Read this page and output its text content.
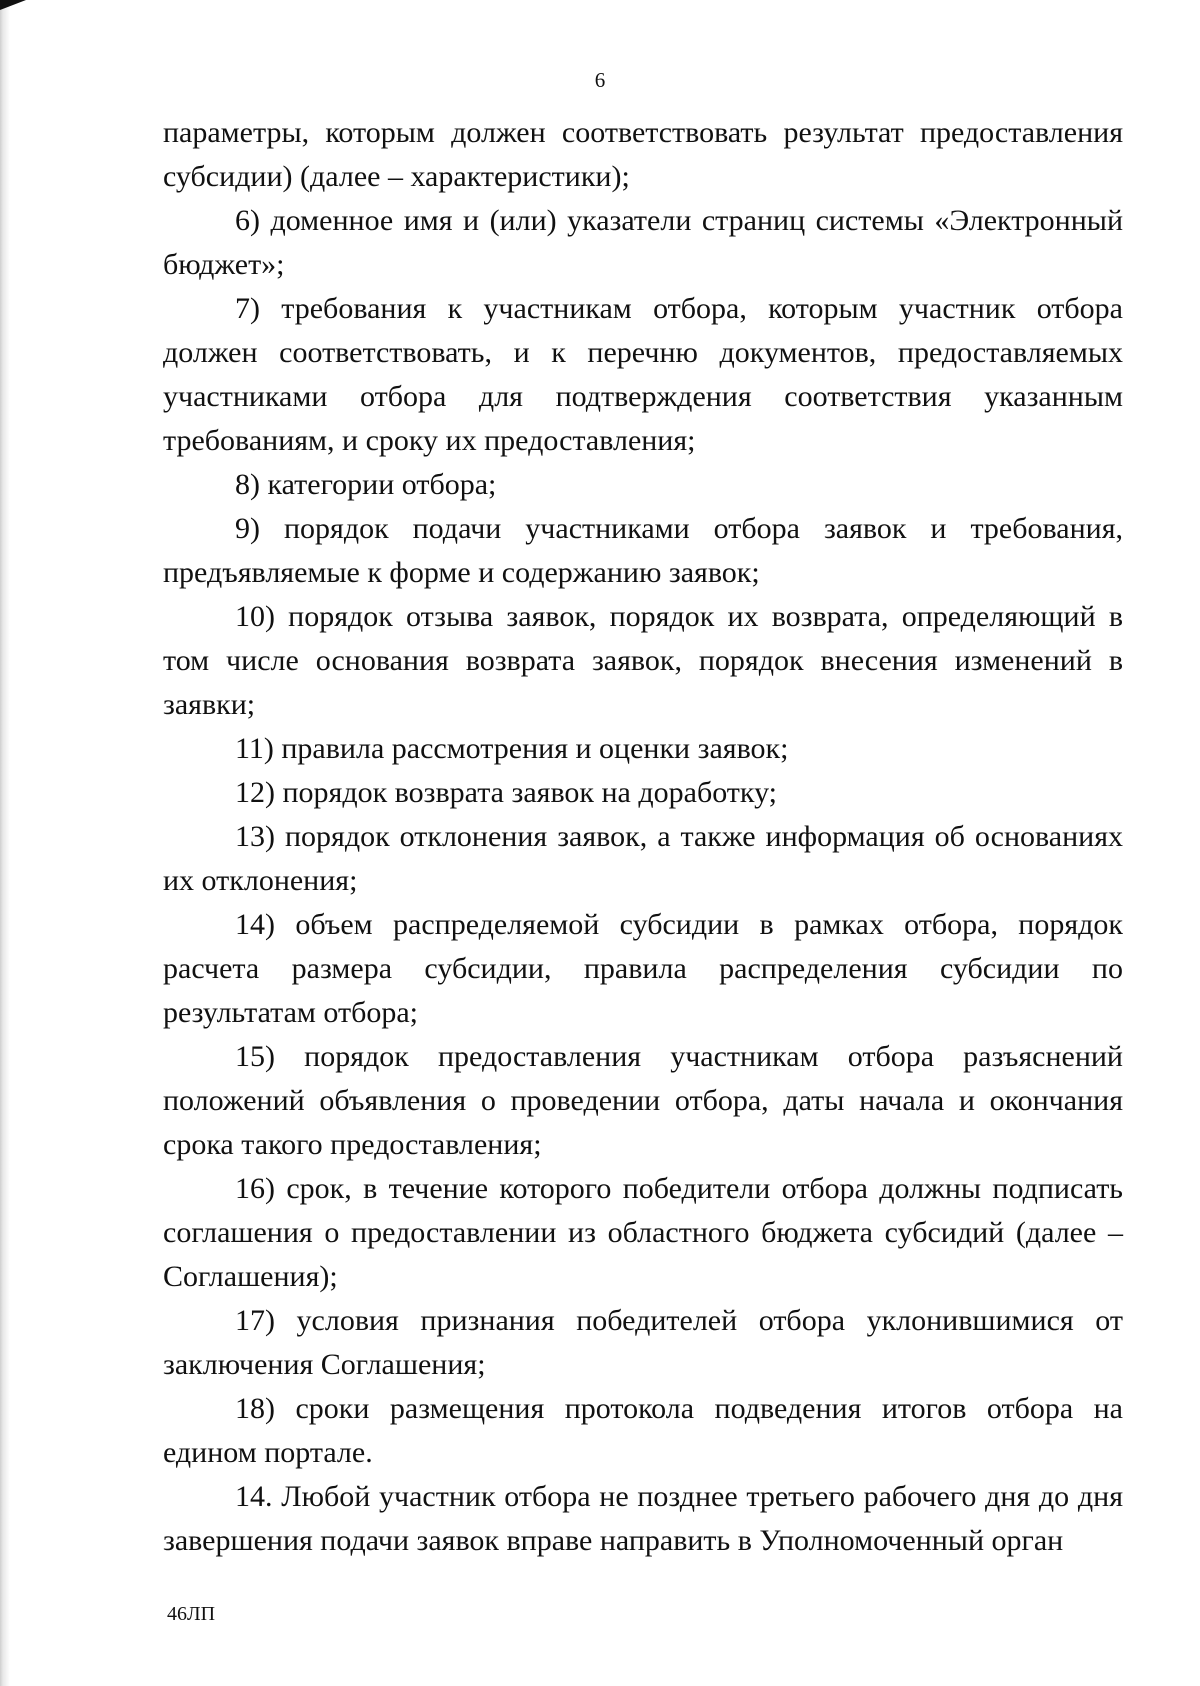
6

параметры, которым должен соответствовать результат предоставления субсидии) (далее – характеристики);

6) доменное имя и (или) указатели страниц системы «Электронный бюджет»;

7) требования к участникам отбора, которым участник отбора должен соответствовать, и к перечню документов, предоставляемых участниками отбора для подтверждения соответствия указанным требованиям, и сроку их предоставления;

8) категории отбора;

9) порядок подачи участниками отбора заявок и требования, предъявляемые к форме и содержанию заявок;

10) порядок отзыва заявок, порядок их возврата, определяющий в том числе основания возврата заявок, порядок внесения изменений в заявки;

11) правила рассмотрения и оценки заявок;

12) порядок возврата заявок на доработку;

13) порядок отклонения заявок, а также информация об основаниях их отклонения;

14) объем распределяемой субсидии в рамках отбора, порядок расчета размера субсидии, правила распределения субсидии по результатам отбора;

15) порядок предоставления участникам отбора разъяснений положений объявления о проведении отбора, даты начала и окончания срока такого предоставления;

16) срок, в течение которого победители отбора должны подписать соглашения о предоставлении из областного бюджета субсидий (далее – Соглашения);

17) условия признания победителей отбора уклонившимися от заключения Соглашения;

18) сроки размещения протокола подведения итогов отбора на едином портале.

14. Любой участник отбора не позднее третьего рабочего дня до дня завершения подачи заявок вправе направить в Уполномоченный орган

46ЛП
